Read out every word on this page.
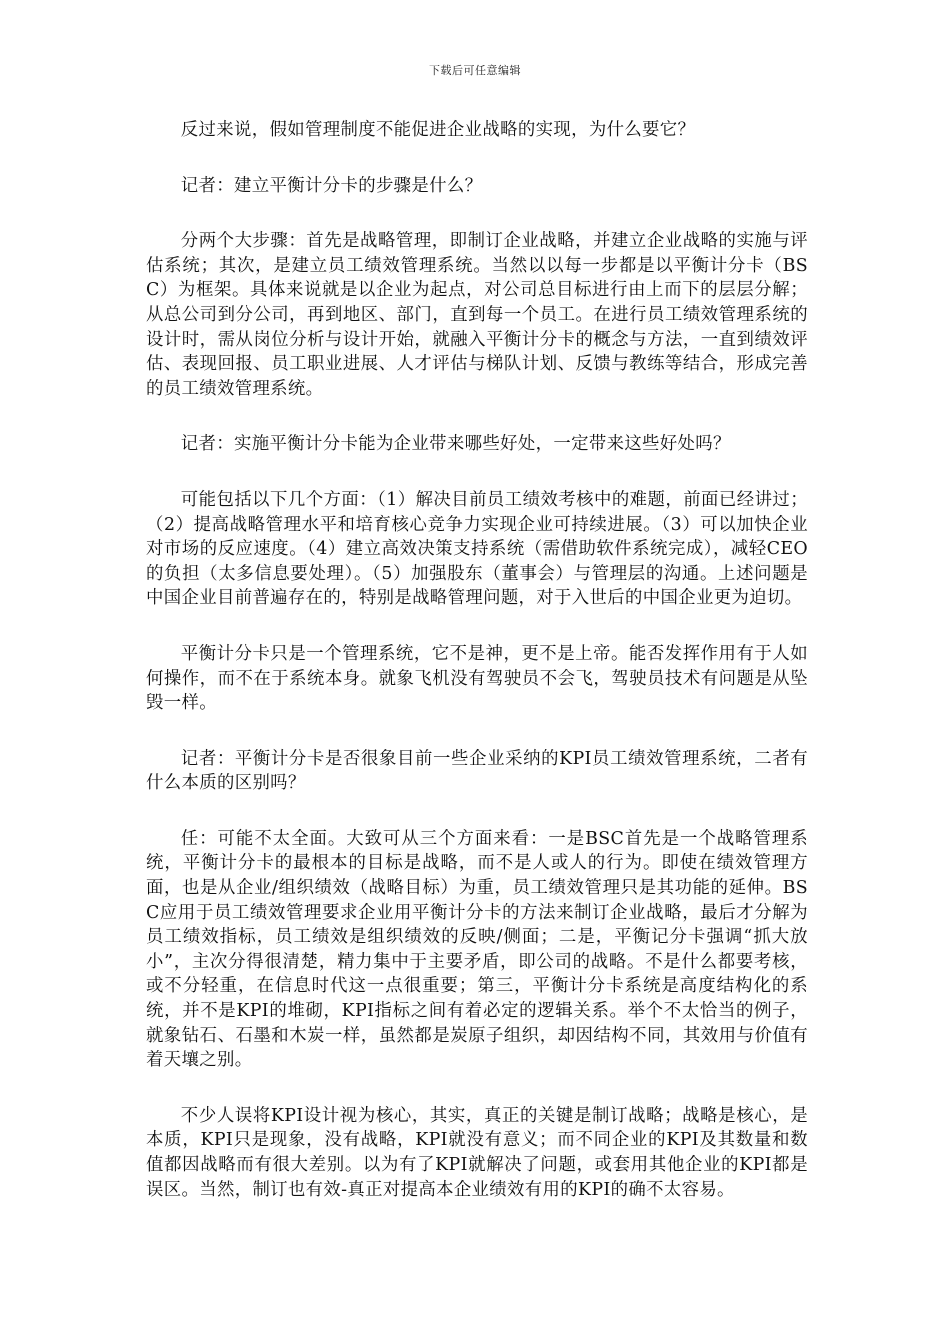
下载后可任意编辑

反过来说，假如管理制度不能促进企业战略的实现，为什么要它？

记者：建立平衡计分卡的步骤是什么？

分两个大步骤：首先是战略管理，即制订企业战略，并建立企业战略的实施与评估系统；其次，是建立员工绩效管理系统。当然以以每一步都是以平衡计分卡（BSC）为框架。具体来说就是以企业为起点，对公司总目标进行由上而下的层层分解；从总公司到分公司，再到地区、部门，直到每一个员工。在进行员工绩效管理系统的设计时，需从岗位分析与设计开始，就融入平衡计分卡的概念与方法，一直到绩效评估、表现回报、员工职业进展、人才评估与梯队计划、反馈与教练等结合，形成完善的员工绩效管理系统。

记者：实施平衡计分卡能为企业带来哪些好处，一定带来这些好处吗？

可能包括以下几个方面：（1）解决目前员工绩效考核中的难题，前面已经讲过；（2）提高战略管理水平和培育核心竞争力实现企业可持续进展。（3）可以加快企业对市场的反应速度。（4）建立高效决策支持系统（需借助软件系统完成），减轻CEO的负担（太多信息要处理）。（5）加强股东（董事会）与管理层的沟通。上述问题是中国企业目前普遍存在的，特别是战略管理问题，对于入世后的中国企业更为迫切。

平衡计分卡只是一个管理系统，它不是神，更不是上帝。能否发挥作用有于人如何操作，而不在于系统本身。就象飞机没有驾驶员不会飞，驾驶员技术有问题是从坠毁一样。

记者：平衡计分卡是否很象目前一些企业采纳的KPI员工绩效管理系统，二者有什么本质的区别吗？

任：可能不太全面。大致可从三个方面来看：一是BSC首先是一个战略管理系统，平衡计分卡的最根本的目标是战略，而不是人或人的行为。即使在绩效管理方面，也是从企业/组织绩效（战略目标）为重，员工绩效管理只是其功能的延伸。BSC应用于员工绩效管理要求企业用平衡计分卡的方法来制订企业战略，最后才分解为员工绩效指标，员工绩效是组织绩效的反映/侧面；二是，平衡记分卡强调“抓大放小”，主次分得很清楚，精力集中于主要矛盾，即公司的战略。不是什么都要考核，或不分轻重，在信息时代这一点很重要；第三，平衡计分卡系统是高度结构化的系统，并不是KPI的堆砌，KPI指标之间有着必定的逻辑关系。举个不太恰当的例子，就象钻石、石墨和木炭一样，虽然都是炭原子组织，却因结构不同，其效用与价值有着天壤之别。

不少人误将KPI设计视为核心，其实，真正的关键是制订战略；战略是核心，是本质，KPI只是现象，没有战略，KPI就没有意义；而不同企业的KPI及其数量和数值都因战略而有很大差别。以为有了KPI就解决了问题，或套用其他企业的KPI都是误区。当然，制订也有效-真正对提高本企业绩效有用的KPI的确不太容易。
